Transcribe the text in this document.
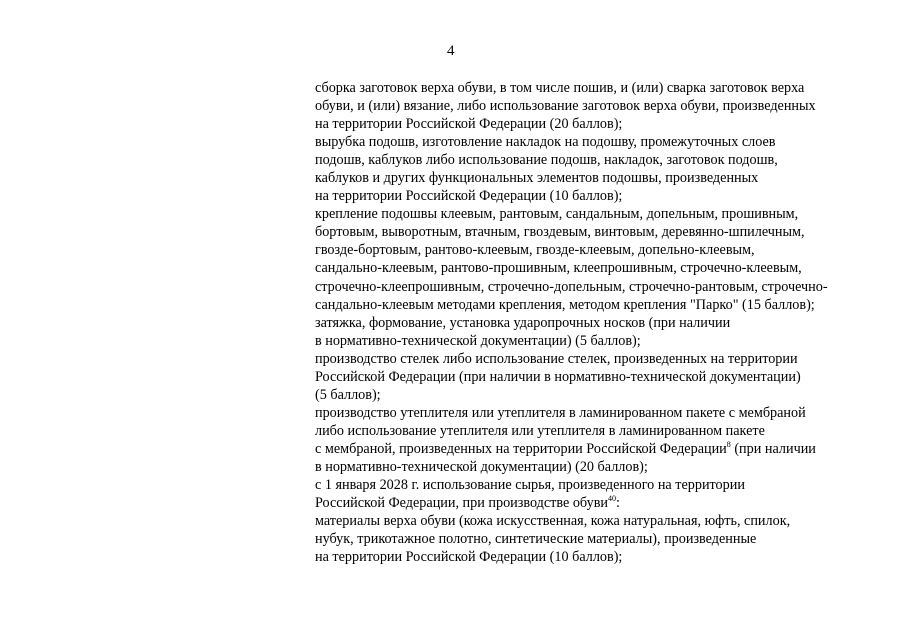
4
сборка заготовок верха обуви, в том числе пошив, и (или) сварка заготовок верха
обуви, и (или) вязание, либо использование заготовок верха обуви, произведенных
на территории Российской Федерации (20 баллов);
вырубка подошв, изготовление накладок на подошву, промежуточных слоев
подошв, каблуков либо использование подошв, накладок, заготовок подошв,
каблуков и других функциональных элементов подошвы, произведенных
на территории Российской Федерации (10 баллов);
крепление подошвы клеевым, рантовым, сандальным, допельным, прошивным,
бортовым, выворотным, втачным, гвоздевым, винтовым, деревянно-шпилечным,
гвозде-бортовым, рантово-клеевым, гвозде-клеевым, допельно-клеевым,
сандально-клеевым, рантово-прошивным, клеепрошивным, строчечно-клеевым,
строчечно-клеепрошивным, строчечно-допельным, строчечно-рантовым, строчечно-
сандально-клеевым методами крепления, методом крепления "Парко" (15 баллов);
затяжка, формование, установка ударопрочных носков (при наличии
в нормативно-технической документации) (5 баллов);
производство стелек либо использование стелек, произведенных на территории
Российской Федерации (при наличии в нормативно-технической документации)
(5 баллов);
производство утеплителя или утеплителя в ламинированном пакете с мембраной
либо использование утеплителя или утеплителя в ламинированном пакете
с мембраной, произведенных на территории Российской Федерации$^8$ (при наличии
в нормативно-технической документации) (20 баллов);
с 1 января 2028 г. использование сырья, произведенного на территории
Российской Федерации, при производстве обуви$^{40}$:
материалы верха обуви (кожа искусственная, кожа натуральная, юфть, спилок,
нубук, трикотажное полотно, синтетические материалы), произведенные
на территории Российской Федерации (10 баллов);
